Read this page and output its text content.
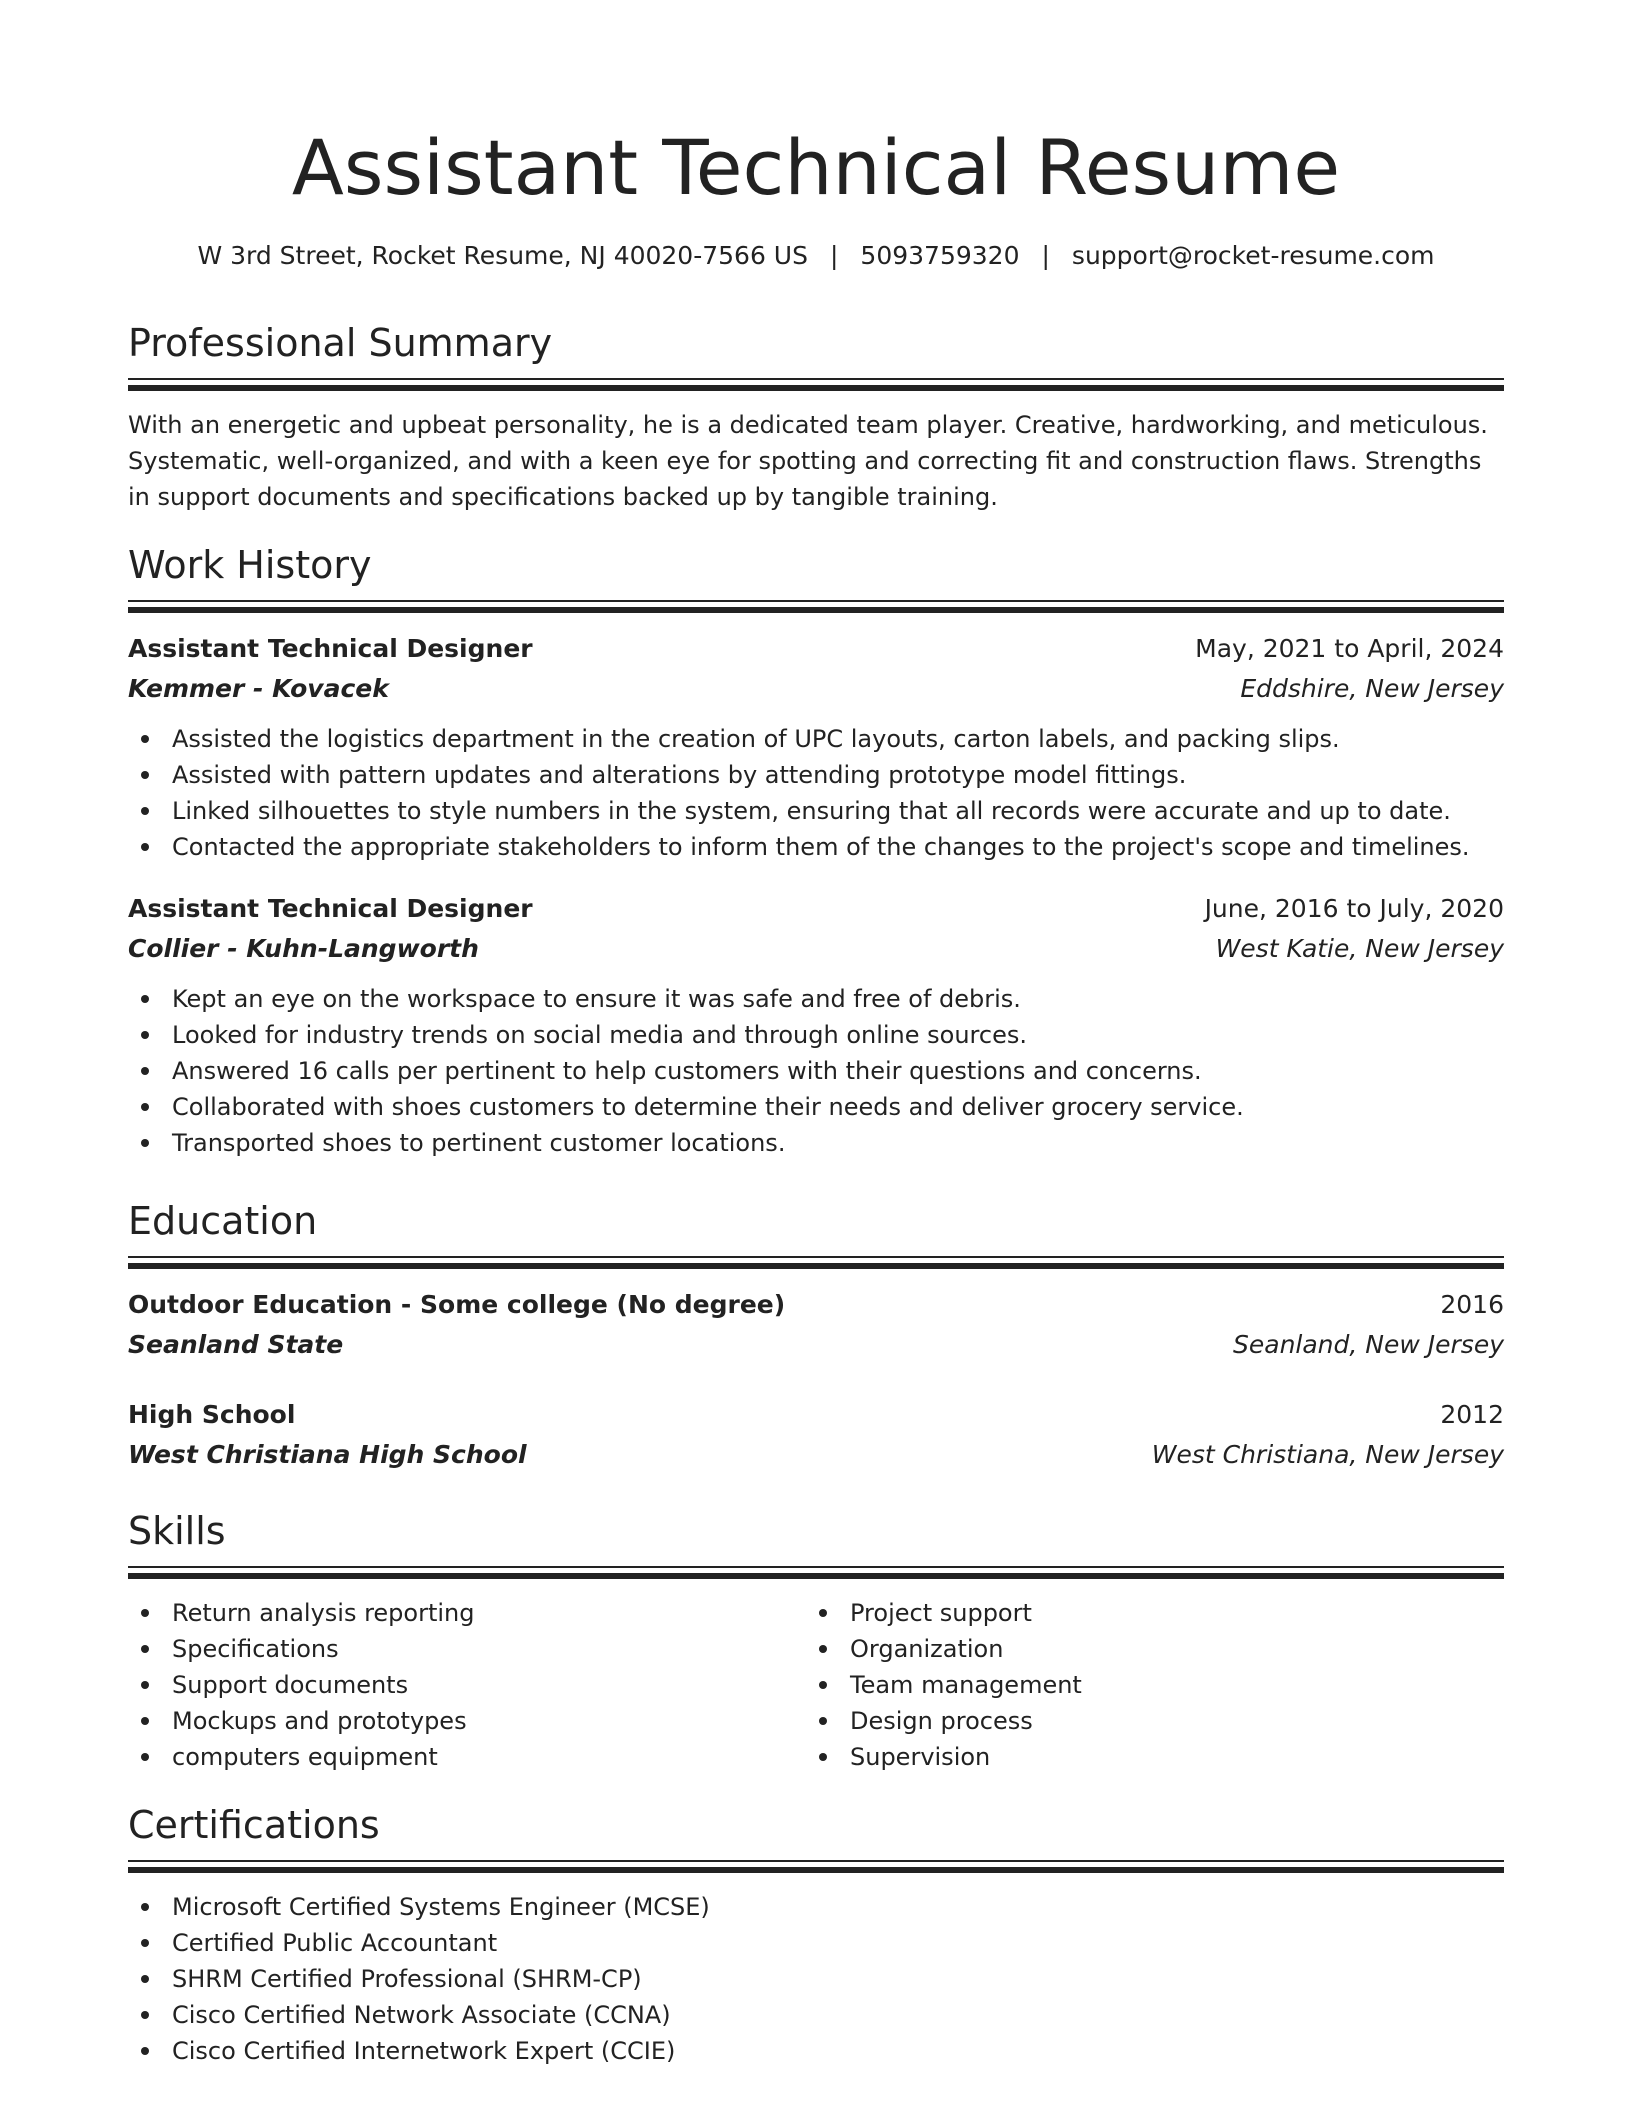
Assistant Technical Resume
W 3rd Street, Rocket Resume, NJ 40020-7566 US | 5093759320 | support@rocket-resume.com
Professional Summary
With an energetic and upbeat personality, he is a dedicated team player. Creative, hardworking, and meticulous. Systematic, well-organized, and with a keen eye for spotting and correcting fit and construction flaws. Strengths in support documents and specifications backed up by tangible training.
Work History
Assistant Technical Designer	May, 2021 to April, 2024
Kemmer - Kovacek	Eddshire, New Jersey
Assisted the logistics department in the creation of UPC layouts, carton labels, and packing slips.
Assisted with pattern updates and alterations by attending prototype model fittings.
Linked silhouettes to style numbers in the system, ensuring that all records were accurate and up to date.
Contacted the appropriate stakeholders to inform them of the changes to the project's scope and timelines.
Assistant Technical Designer	June, 2016 to July, 2020
Collier - Kuhn-Langworth	West Katie, New Jersey
Kept an eye on the workspace to ensure it was safe and free of debris.
Looked for industry trends on social media and through online sources.
Answered 16 calls per pertinent to help customers with their questions and concerns.
Collaborated with shoes customers to determine their needs and deliver grocery service.
Transported shoes to pertinent customer locations.
Education
Outdoor Education - Some college (No degree)	2016
Seanland State	Seanland, New Jersey
High School	2012
West Christiana High School	West Christiana, New Jersey
Skills
Return analysis reporting
Specifications
Support documents
Mockups and prototypes
computers equipment
Project support
Organization
Team management
Design process
Supervision
Certifications
Microsoft Certified Systems Engineer (MCSE)
Certified Public Accountant
SHRM Certified Professional (SHRM-CP)
Cisco Certified Network Associate (CCNA)
Cisco Certified Internetwork Expert (CCIE)
